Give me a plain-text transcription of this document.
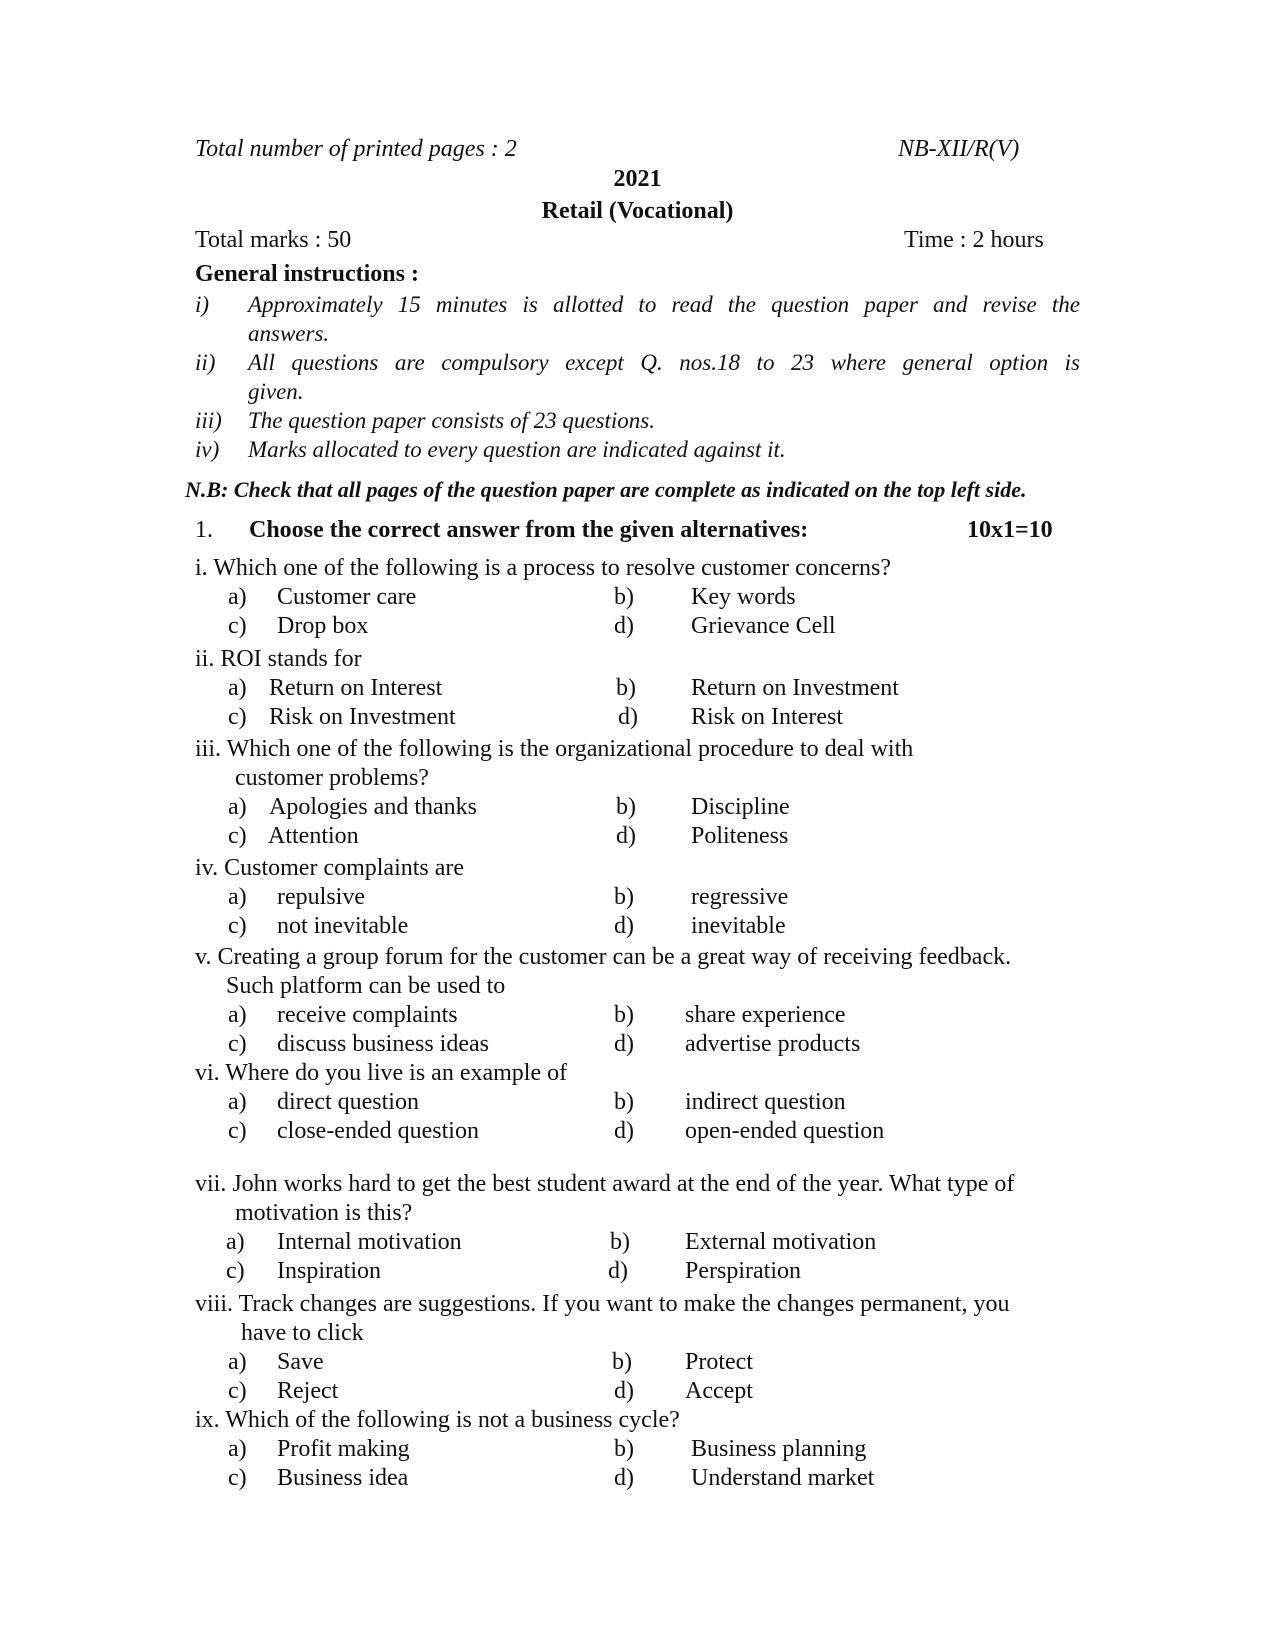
Total number of printed pages : 2	NB-XII/R(V)
2021
Retail (Vocational)
Total marks : 50	Time : 2 hours
General instructions :
i) Approximately 15 minutes is allotted to read the question paper and revise the
answers.
ii) All questions are compulsory except Q. nos.18 to 23 where general option is
given.
iii) The question paper consists of 23 questions.
iv) Marks allocated to every question are indicated against it.
N.B: Check that all pages of the question paper are complete as indicated on the top left side.
1. Choose the correct answer from the given alternatives:	10x1=10
i. Which one of the following is a process to resolve customer concerns?
a) Customer care	b) Key words
c) Drop box	d) Grievance Cell
ii. ROI stands for
a) Return on Interest	b) Return on Investment
c) Risk on Investment	d) Risk on Interest
iii. Which one of the following is the organizational procedure to deal with
customer problems?
a) Apologies and thanks	b) Discipline
c) Attention	d) Politeness
iv. Customer complaints are
a) repulsive	b) regressive
c) not inevitable	d) inevitable
v. Creating a group forum for the customer can be a great way of receiving feedback.
Such platform can be used to
a) receive complaints	b) share experience
c) discuss business ideas	d) advertise products
vi. Where do you live is an example of
a) direct question	b) indirect question
c) close-ended question	d) open-ended question
vii. John works hard to get the best student award at the end of the year. What type of
motivation is this?
a) Internal motivation	b) External motivation
c) Inspiration	d) Perspiration
viii. Track changes are suggestions. If you want to make the changes permanent, you
have to click
a) Save	b) Protect
c) Reject	d) Accept
ix. Which of the following is not a business cycle?
a) Profit making	b) Business planning
c) Business idea	d) Understand market
